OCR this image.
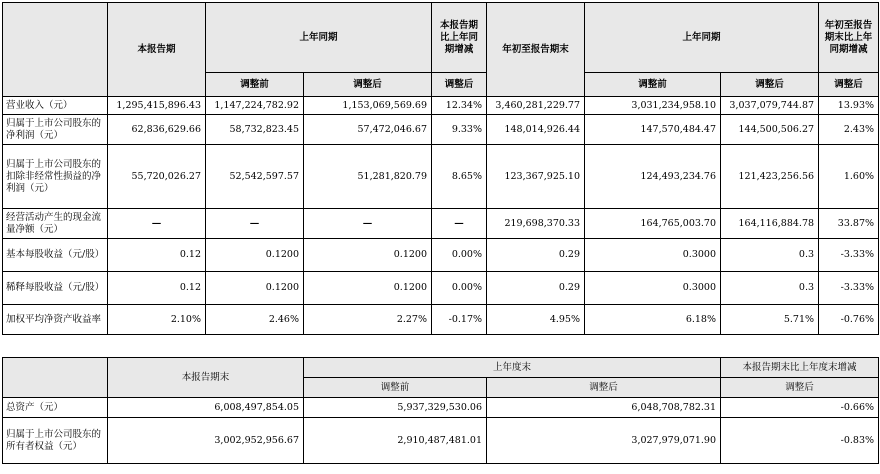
	本报告期	上年同期		本报告期比上年同期增减	年初至报告期末	上年同期		年初至报告期末比上年同期增减
		调整前	调整后	调整后		调整前	调整后	调整后
营业收入（元）	1,295,415,896.43	1,147,224,782.92	1,153,069,569.69	12.34%	3,460,281,229.77	3,031,234,958.10	3,037,079,744.87	13.93%
归属于上市公司股东的净利润（元）	62,836,629.66	58,732,823.45	57,472,046.67	9.33%	148,014,926.44	147,570,484.47	144,500,506.27	2.43%
归属于上市公司股东的扣除非经常性损益的净利润（元）	55,720,026.27	52,542,597.57	51,281,820.79	8.65%	123,367,925.10	124,493,234.76	121,423,256.56	1.60%
经营活动产生的现金流量净额（元）	—	—	—	—	219,698,370.33	164,765,003.70	164,116,884.78	33.87%
基本每股收益（元/股）	0.12	0.1200	0.1200	0.00%	0.29	0.3000	0.3	-3.33%
稀释每股收益（元/股）	0.12	0.1200	0.1200	0.00%	0.29	0.3000	0.3	-3.33%
加权平均净资产收益率	2.10%	2.46%	2.27%	-0.17%	4.95%	6.18%	5.71%	-0.76%
	本报告期末	上年度末		本报告期末比上年度末增减
		调整前	调整后	调整后
总资产（元）	6,008,497,854.05	5,937,329,530.06	6,048,708,782.31	-0.66%
归属于上市公司股东的所有者权益（元）	3,002,952,956.67	2,910,487,481.01	3,027,979,071.90	-0.83%
